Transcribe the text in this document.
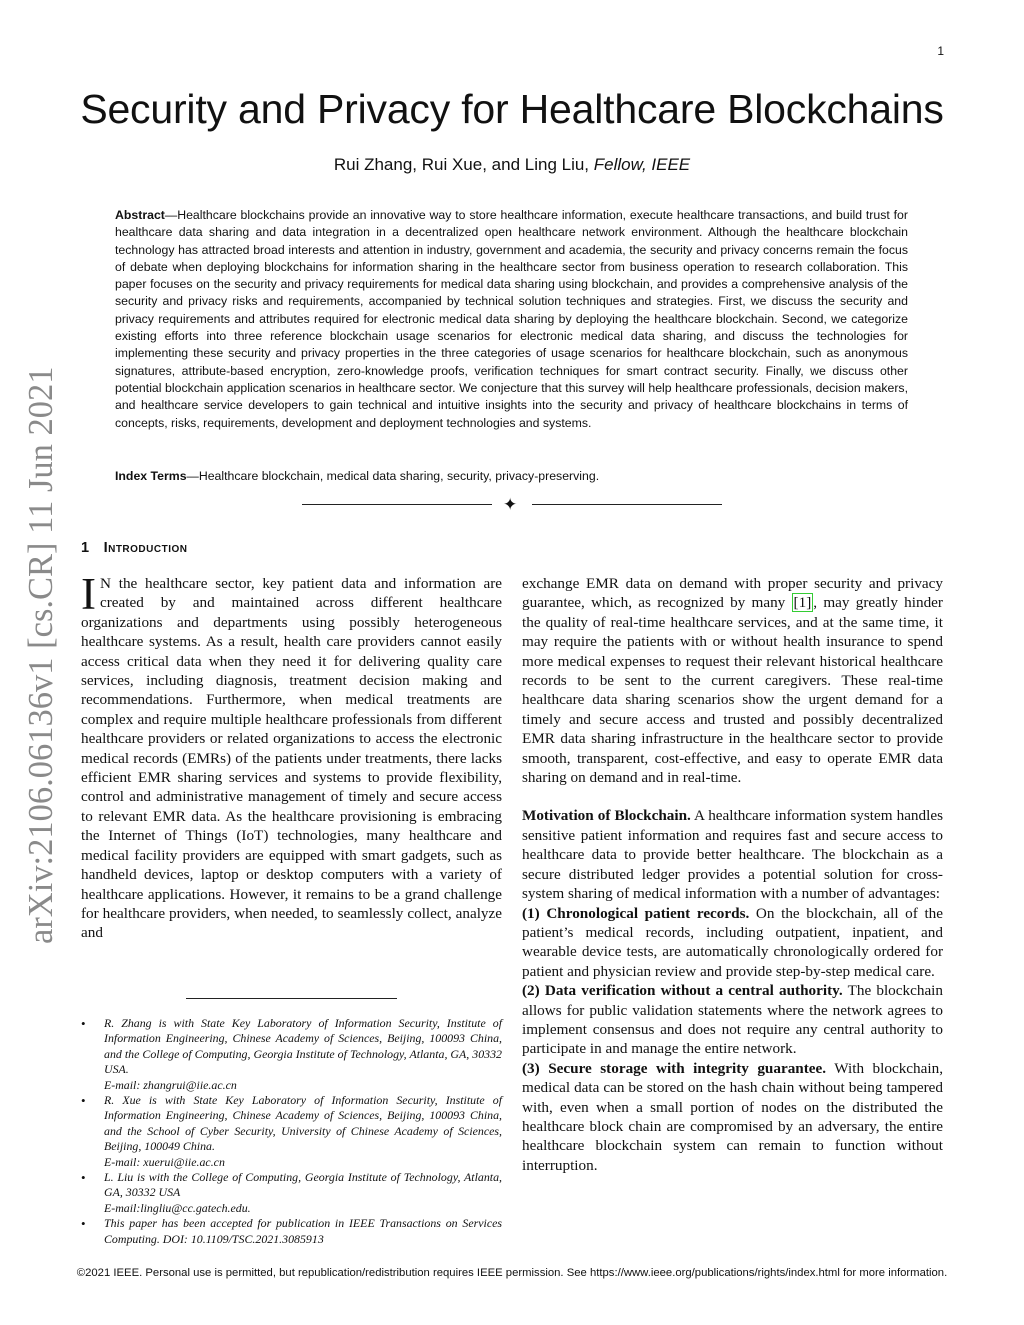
1
Security and Privacy for Healthcare Blockchains
Rui Zhang, Rui Xue, and Ling Liu, Fellow, IEEE
Abstract—Healthcare blockchains provide an innovative way to store healthcare information, execute healthcare transactions, and build trust for healthcare data sharing and data integration in a decentralized open healthcare network environment. Although the healthcare blockchain technology has attracted broad interests and attention in industry, government and academia, the security and privacy concerns remain the focus of debate when deploying blockchains for information sharing in the healthcare sector from business operation to research collaboration. This paper focuses on the security and privacy requirements for medical data sharing using blockchain, and provides a comprehensive analysis of the security and privacy risks and requirements, accompanied by technical solution techniques and strategies. First, we discuss the security and privacy requirements and attributes required for electronic medical data sharing by deploying the healthcare blockchain. Second, we categorize existing efforts into three reference blockchain usage scenarios for electronic medical data sharing, and discuss the technologies for implementing these security and privacy properties in the three categories of usage scenarios for healthcare blockchain, such as anonymous signatures, attribute-based encryption, zero-knowledge proofs, verification techniques for smart contract security. Finally, we discuss other potential blockchain application scenarios in healthcare sector. We conjecture that this survey will help healthcare professionals, decision makers, and healthcare service developers to gain technical and intuitive insights into the security and privacy of healthcare blockchains in terms of concepts, risks, requirements, development and deployment technologies and systems.
Index Terms—Healthcare blockchain, medical data sharing, security, privacy-preserving.
✦
arXiv:2106.06136v1 [cs.CR] 11 Jun 2021 1 Introduction

I N the healthcare sector, key patient data and information are created by and maintained across different healthcare organizations and departments using possibly heterogeneous healthcare systems. As a result, health care providers cannot easily access critical data when they need it for delivering quality care services, including diagnosis, treatment decision making and recommendations. Furthermore, when medical treatments are complex and require multiple healthcare professionals from different healthcare providers or related organizations to access the electronic medical records (EMRs) of the patients under treatments, there lacks efficient EMR sharing services and systems to provide flexibility, control and administrative management of timely and secure access to relevant EMR data. As the healthcare provisioning is embracing the Internet of Things (IoT) technologies, many healthcare and medical facility providers are equipped with smart gadgets, such as handheld devices, laptop or desktop computers with a variety of healthcare applications. However, it remains to be a grand challenge for healthcare providers, when needed, to seamlessly collect, analyze and

• R. Zhang is with State Key Laboratory of Information Security, Institute of Information Engineering, Chinese Academy of Sciences, Beijing, 100093 China, and the College of Computing, Georgia Institute of Technology, Atlanta, GA, 30332 USA.
E-mail: zhangrui@iie.ac.cn

• R. Xue is with State Key Laboratory of Information Security, Institute of Information Engineering, Chinese Academy of Sciences, Beijing, 100093 China, and the School of Cyber Security, University of Chinese Academy of Sciences, Beijing, 100049 China.
E-mail: xuerui@iie.ac.cn

• L. Liu is with the College of Computing, Georgia Institute of Technology, Atlanta, GA, 30332 USA
E-mail:lingliu@cc.gatech.edu.

• This paper has been accepted for publication in IEEE Transactions on Services Computing. DOI: 10.1109/TSC.2021.3085913

exchange EMR data on demand with proper security and privacy guarantee, which, as recognized by many [1] , may greatly hinder the quality of real-time healthcare services, and at the same time, it may require the patients with or without health insurance to spend more medical expenses to request their relevant historical healthcare records to be sent to the current caregivers. These real-time healthcare data sharing scenarios show the urgent demand for a timely and secure access and trusted and possibly decentralized EMR data sharing infrastructure in the healthcare sector to provide smooth, transparent, cost-effective, and easy to operate EMR data sharing on demand and in real-time.

Motivation of Blockchain. A healthcare information system handles sensitive patient information and requires fast and secure access to healthcare data to provide better healthcare. The blockchain as a secure distributed ledger provides a potential solution for cross-system sharing of medical information with a number of advantages:

(1) Chronological patient records. On the blockchain, all of the patient’s medical records, including outpatient, inpatient, and wearable device tests, are automatically chronologically ordered for patient and physician review and provide step-by-step medical care.

(2) Data verification without a central authority. The blockchain allows for public validation statements where the network agrees to implement consensus and does not require any central authority to participate in and manage the entire network.

(3) Secure storage with integrity guarantee. With blockchain, medical data can be stored on the hash chain without being tampered with, even when a small portion of nodes on the distributed the healthcare block chain are compromised by an adversary, the entire healthcare blockchain system can remain to function without interruption.

©2021 IEEE. Personal use is permitted, but republication/redistribution requires IEEE permission. See https://www.ieee.org/publications/rights/index.html for more information.
